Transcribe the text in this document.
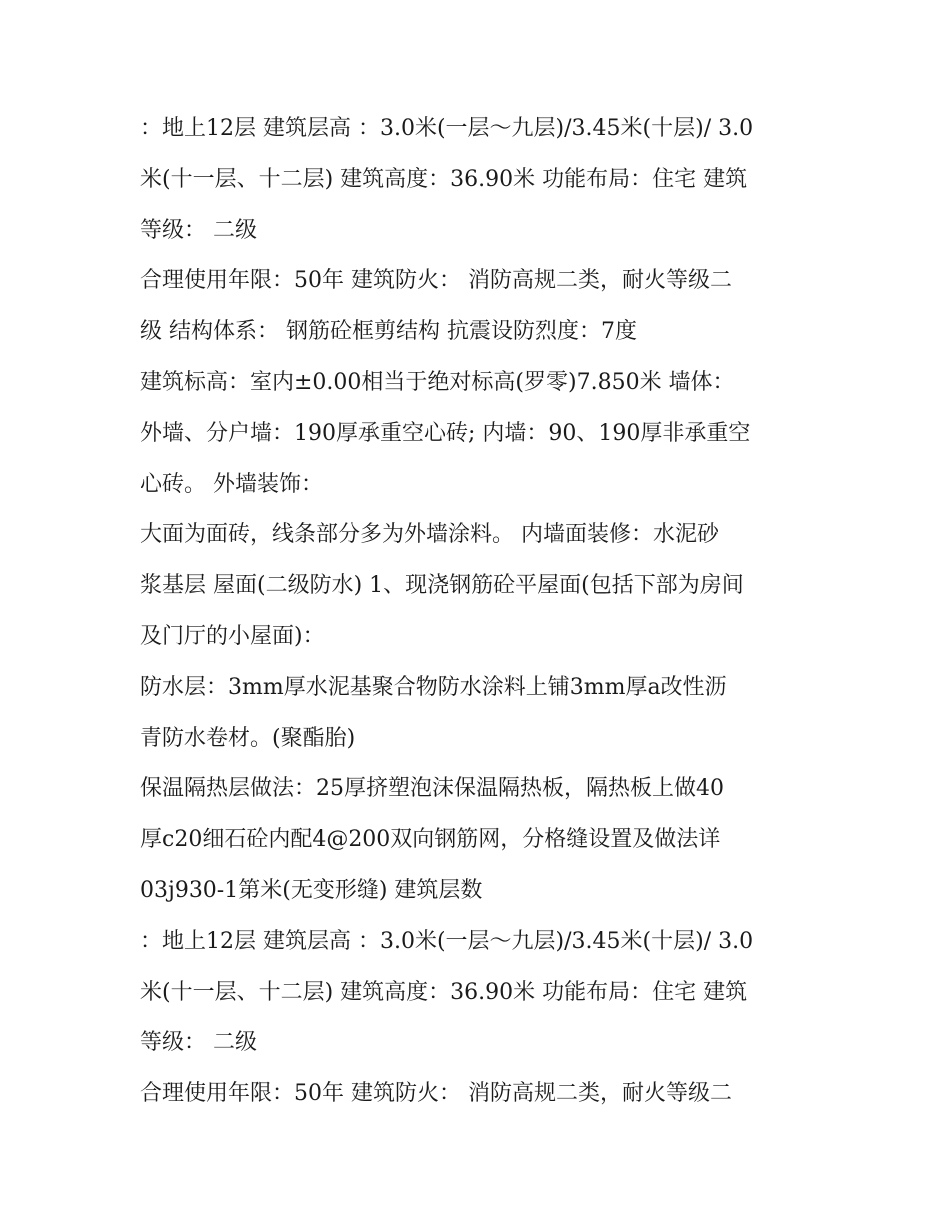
：地上12层 建筑层高 ：3.0米(一层～九层)/3.45米(十层)/ 3.0
米(十一层、十二层) 建筑高度：36.90米 功能布局：住宅 建筑
等级： 二级
合理使用年限：50年 建筑防火： 消防高规二类，耐火等级二
级 结构体系： 钢筋砼框剪结构 抗震设防烈度：7度
建筑标高：室内±0.00相当于绝对标高(罗零)7.850米 墙体：
外墙、分户墙：190厚承重空心砖; 内墙：90、190厚非承重空
心砖。 外墙装饰：
大面为面砖，线条部分多为外墙涂料。 内墙面装修：水泥砂
浆基层 屋面(二级防水) 1、现浇钢筋砼平屋面(包括下部为房间
及门厅的小屋面)：
防水层：3mm厚水泥基聚合物防水涂料上铺3mm厚a改性沥
青防水卷材。(聚酯胎)
保温隔热层做法：25厚挤塑泡沫保温隔热板，隔热板上做40
厚c20细石砼内配4@200双向钢筋网，分格缝设置及做法详
03j930-1第米(无变形缝) 建筑层数
：地上12层 建筑层高 ：3.0米(一层～九层)/3.45米(十层)/ 3.0
米(十一层、十二层) 建筑高度：36.90米 功能布局：住宅 建筑
等级： 二级
合理使用年限：50年 建筑防火： 消防高规二类，耐火等级二
